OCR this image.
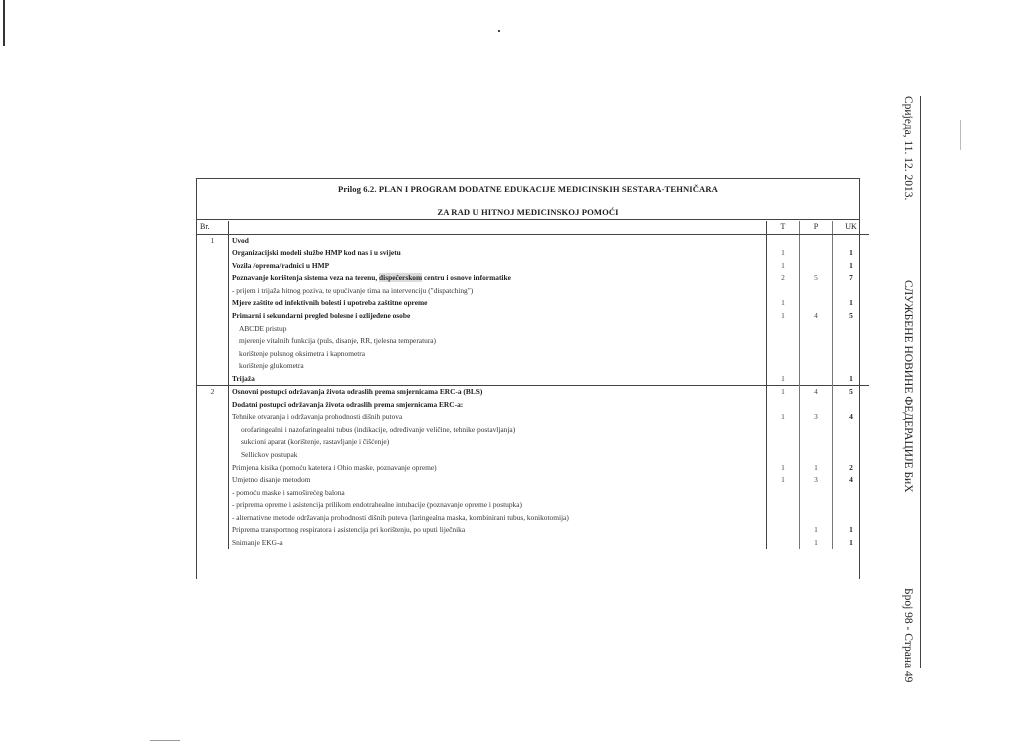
Сриједа, 11. 12. 2013.
СЛУЖБЕНЕ НОВИНЕ ФЕДЕРАЦИЈЕ БиХ
Број 98 - Страна 49
Prilog 6.2. PLAN I PROGRAM DODATNE EDUKACIJE MEDICINSKIH SESTARA-TEHNIČARA
ZA RAD U HITNOJ MEDICINSKOJ POMOĆI
Br.		T	P	UK
1	Uvod			
	Organizacijski modeli službe HMP kod nas i u svijetu	1		1
	Vozila /oprema/radnici u HMP	1		1
	Poznavanje korištenja sistema veza na terenu, dispečerskom centru i osnove informatike	2	5	7
	- prijem i trijaža hitnog poziva, te upućivanje tima na intervenciju ("dispatching")			
	Mjere zaštite od infektivnih bolesti i upotreba zaštitne opreme	1		1
	Primarni i sekundarni pregled bolesne i ozlijeđene osobe	1	4	5
	ABCDE pristup			
	mjerenje vitalnih funkcija (puls, disanje, RR, tjelesna temperatura)			
	korištenje pulsnog oksimetra i kapnometra			
	korištenje glukometra			
	Trijaža	1		1
2	Osnovni postupci održavanja života odraslih prema smjernicama ERC-a (BLS)	1	4	5
	Dodatni postupci održavanja života odraslih prema smjernicama ERC-a:			
	Tehnike otvaranja i održavanja prohodnosti dišnih putova	1	3	4
	orofaringealni i nazofaringealni tubus (indikacije, određivanje veličine, tehnike postavljanja)			
	sukcioni aparat (korištenje, rastavljanje i čišćenje)			
	Sellickov postupak			
	Primjena kisika (pomoću katetera i Ohio maske, poznavanje opreme)	1	1	2
	Umjetno disanje metodom	1	3	4
	- pomoću maske i samoširećeg balona			
	- priprema opreme i asistencija prilikom endotrahealne intubacije (poznavanje opreme i postupka)			
	- alternativne metode održavanja prohodnosti dišnih puteva (laringealna maska, kombinirani tubus, konikotomija)			
	Priprema transportnog respiratora i asistencija pri korištenju, po uputi liječnika		1	1
	Snimanje EKG-a		1	1
